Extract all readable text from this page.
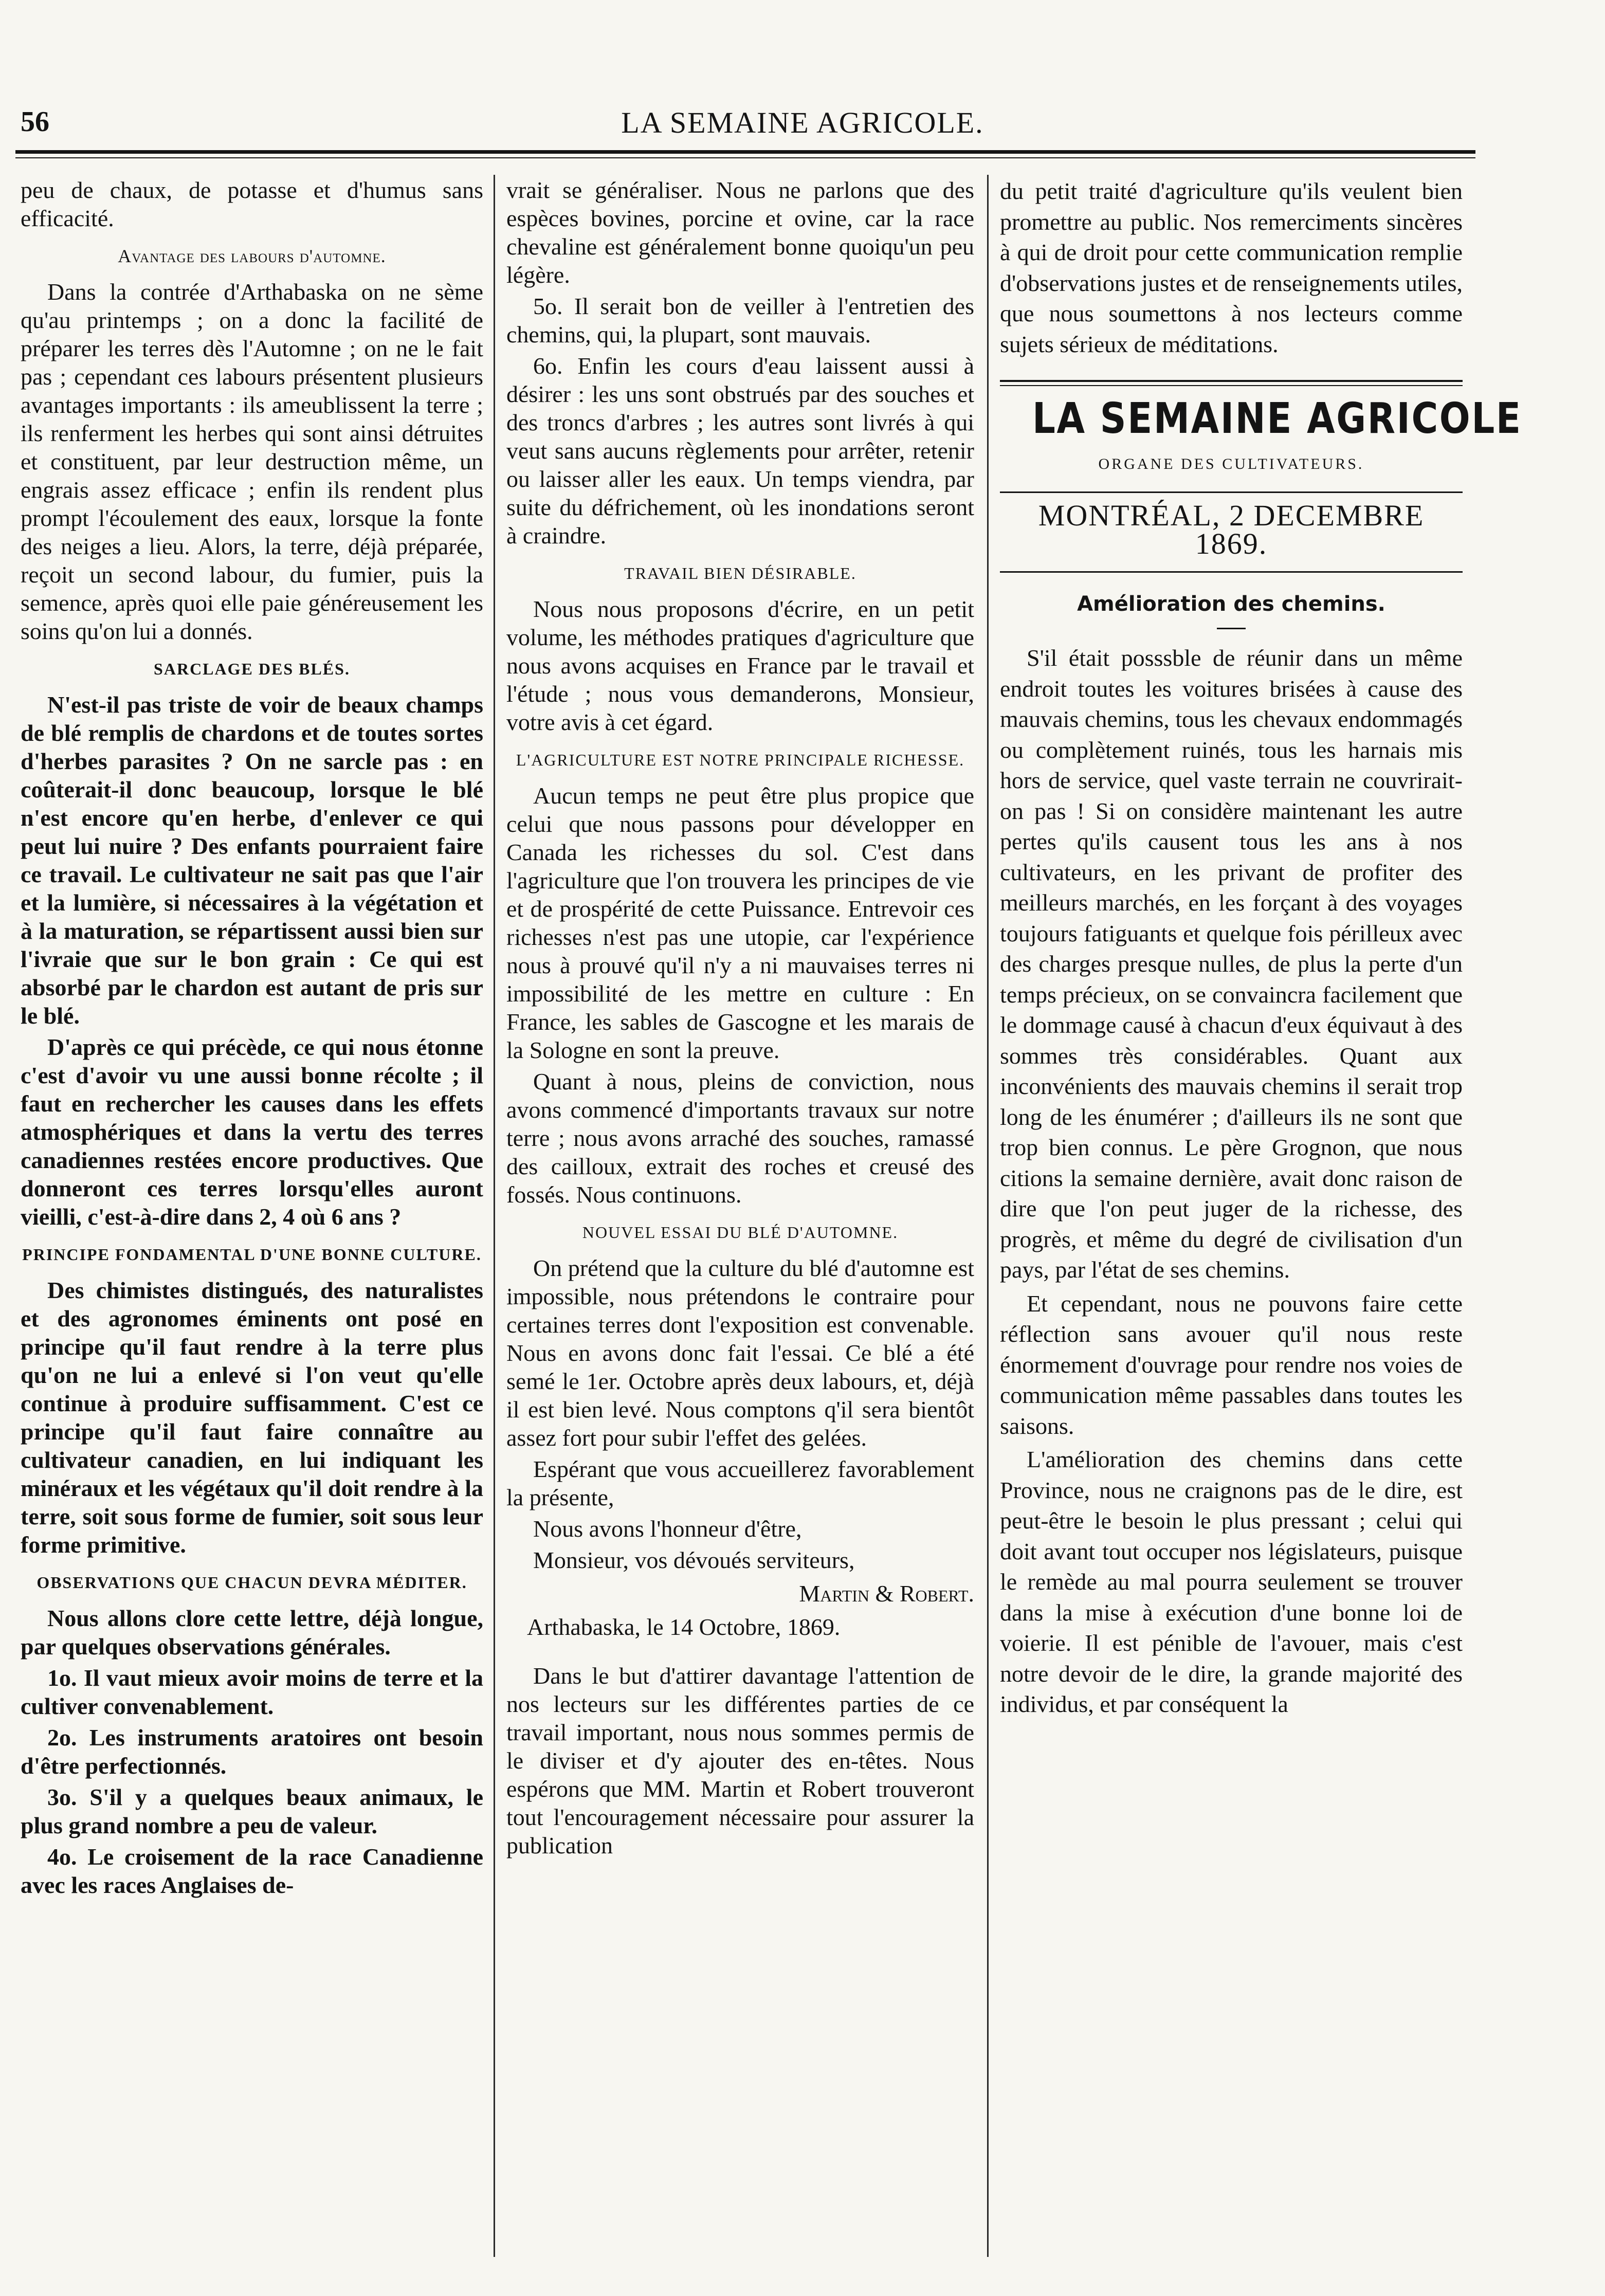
56	LA SEMAINE AGRICOLE.

peu de chaux, de potasse et d'humus sans efficacité.

Avantage des labours d'automne.

Dans la contrée d'Arthabaska on ne sème qu'au printemps ; on a donc la facilité de préparer les terres dès l'Automne ; on ne le fait pas ; cependant ces labours présentent plusieurs avantages importants : ils ameublissent la terre ; ils renferment les herbes qui sont ainsi détruites et constituent, par leur destruction même, un engrais assez efficace ; enfin ils rendent plus prompt l'écoulement des eaux, lorsque la fonte des neiges a lieu. Alors, la terre, déjà préparée, reçoit un second labour, du fumier, puis la semence, après quoi elle paie généreusement les soins qu'on lui a donnés.

SARCLAGE DES BLÉS.

N'est-il pas triste de voir de beaux champs de blé remplis de chardons et de toutes sortes d'herbes parasites ? On ne sarcle pas : en coûterait-il donc beaucoup, lorsque le blé n'est encore qu'en herbe, d'enlever ce qui peut lui nuire ? Des enfants pourraient faire ce travail. Le cultivateur ne sait pas que l'air et la lumière, si nécessaires à la végétation et à la maturation, se répartissent aussi bien sur l'ivraie que sur le bon grain : Ce qui est absorbé par le chardon est autant de pris sur le blé.

D'après ce qui précède, ce qui nous étonne c'est d'avoir vu une aussi bonne récolte ; il faut en rechercher les causes dans les effets atmosphériques et dans la vertu des terres canadiennes restées encore productives. Que donneront ces terres lorsqu'elles auront vieilli, c'est-à-dire dans 2, 4 où 6 ans ?

PRINCIPE FONDAMENTAL D'UNE BONNE CULTURE.

Des chimistes distingués, des naturalistes et des agronomes éminents ont posé en principe qu'il faut rendre à la terre plus qu'on ne lui a enlevé si l'on veut qu'elle continue à produire suffisamment. C'est ce principe qu'il faut faire connaître au cultivateur canadien, en lui indiquant les minéraux et les végétaux qu'il doit rendre à la terre, soit sous forme de fumier, soit sous leur forme primitive.

OBSERVATIONS QUE CHACUN DEVRA MÉDITER.

Nous allons clore cette lettre, déjà longue, par quelques observations générales.

1o. Il vaut mieux avoir moins de terre et la cultiver convenablement.

2o. Les instruments aratoires ont besoin d'être perfectionnés.

3o. S'il y a quelques beaux animaux, le plus grand nombre a peu de valeur.

4o. Le croisement de la race Canadienne avec les races Anglaises de-

vrait se généraliser. Nous ne parlons que des espèces bovines, porcine et ovine, car la race chevaline est généralement bonne quoiqu'un peu légère.

5o. Il serait bon de veiller à l'entretien des chemins, qui, la plupart, sont mauvais.

6o. Enfin les cours d'eau laissent aussi à désirer : les uns sont obstrués par des souches et des troncs d'arbres ; les autres sont livrés à qui veut sans aucuns règlements pour arrêter, retenir ou laisser aller les eaux. Un temps viendra, par suite du défrichement, où les inondations seront à craindre.

TRAVAIL BIEN DÉSIRABLE.

Nous nous proposons d'écrire, en un petit volume, les méthodes pratiques d'agriculture que nous avons acquises en France par le travail et l'étude ; nous vous demanderons, Monsieur, votre avis à cet égard.

L'AGRICULTURE EST NOTRE PRINCIPALE RICHESSE.

Aucun temps ne peut être plus propice que celui que nous passons pour développer en Canada les richesses du sol. C'est dans l'agriculture que l'on trouvera les principes de vie et de prospérité de cette Puissance. Entrevoir ces richesses n'est pas une utopie, car l'expérience nous à prouvé qu'il n'y a ni mauvaises terres ni impossibilité de les mettre en culture : En France, les sables de Gascogne et les marais de la Sologne en sont la preuve.

Quant à nous, pleins de conviction, nous avons commencé d'importants travaux sur notre terre ; nous avons arraché des souches, ramassé des cailloux, extrait des roches et creusé des fossés. Nous continuons.

NOUVEL ESSAI DU BLÉ D'AUTOMNE.

On prétend que la culture du blé d'automne est impossible, nous prétendons le contraire pour certaines terres dont l'exposition est convenable. Nous en avons donc fait l'essai. Ce blé a été semé le 1er. Octobre après deux labours, et, déjà il est bien levé. Nous comptons q'il sera bientôt assez fort pour subir l'effet des gelées.

Espérant que vous accueillerez favorablement la présente,

Nous avons l'honneur d'être,

Monsieur, vos dévoués serviteurs,

Martin & Robert.
Arthabaska, le 14 Octobre, 1869.

Dans le but d'attirer davantage l'attention de nos lecteurs sur les différentes parties de ce travail important, nous nous sommes permis de le diviser et d'y ajouter des en-têtes. Nous espérons que MM. Martin et Robert trouveront tout l'encouragement nécessaire pour assurer la publication

du petit traité d'agriculture qu'ils veulent bien promettre au public. Nos remerciments sincères à qui de droit pour cette communication remplie d'observations justes et de renseignements utiles, que nous soumettons à nos lecteurs comme sujets sérieux de méditations.

LA SEMAINE AGRICOLE
ORGANE DES CULTIVATEURS.
MONTRÉAL, 2 DECEMBRE 1869.
Amélioration des chemins.

S'il était posssble de réunir dans un même endroit toutes les voitures brisées à cause des mauvais chemins, tous les chevaux endommagés ou complètement ruinés, tous les harnais mis hors de service, quel vaste terrain ne couvrirait-on pas ! Si on considère maintenant les autre pertes qu'ils causent tous les ans à nos cultivateurs, en les privant de profiter des meilleurs marchés, en les forçant à des voyages toujours fatiguants et quelque fois périlleux avec des charges presque nulles, de plus la perte d'un temps précieux, on se convaincra facilement que le dommage causé à chacun d'eux équivaut à des sommes très considérables. Quant aux inconvénients des mauvais chemins il serait trop long de les énumérer ; d'ailleurs ils ne sont que trop bien connus. Le père Grognon, que nous citions la semaine dernière, avait donc raison de dire que l'on peut juger de la richesse, des progrès, et même du degré de civilisation d'un pays, par l'état de ses chemins.

Et cependant, nous ne pouvons faire cette réflection sans avouer qu'il nous reste énormement d'ouvrage pour rendre nos voies de communication même passables dans toutes les saisons.

L'amélioration des chemins dans cette Province, nous ne craignons pas de le dire, est peut-être le besoin le plus pressant ; celui qui doit avant tout occuper nos législateurs, puisque le remède au mal pourra seulement se trouver dans la mise à exécution d'une bonne loi de voierie. Il est pénible de l'avouer, mais c'est notre devoir de le dire, la grande majorité des individus, et par conséquent la
